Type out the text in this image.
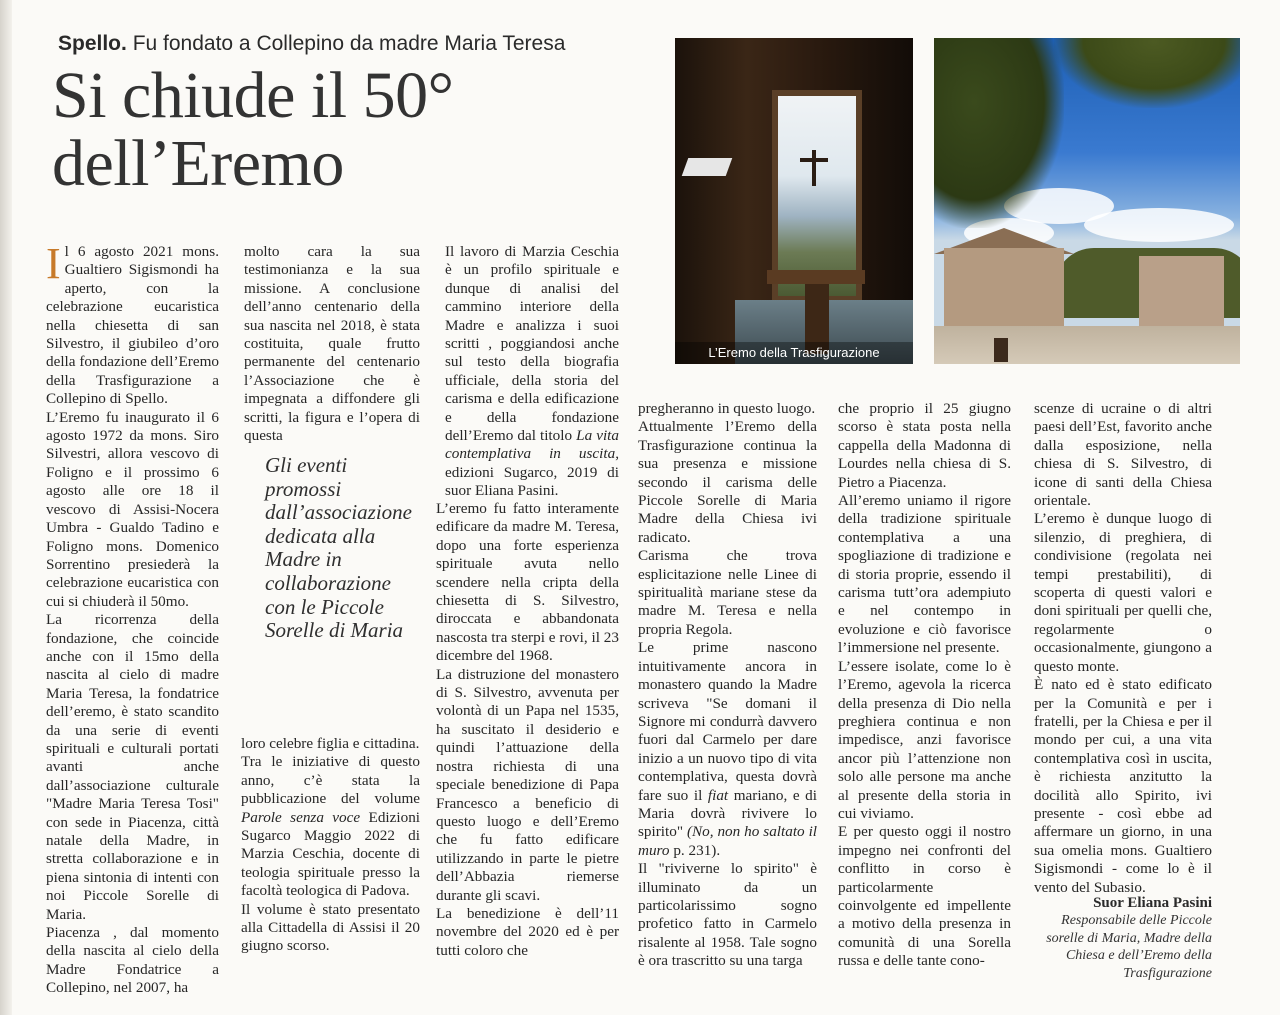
Spello. Fu fondato a Collepino da madre Maria Teresa
Si chiude il 50°
dell’Eremo
L’Eremo della Trasfigurazione

Il 6 agosto 2021 mons. Gualtiero Sigismondi ha aperto, con la celebrazione eucaristica nella chiesetta di san Silvestro, il giubileo d’oro della fondazione dell’Eremo della Trasfigurazione a Collepino di Spello.

L’Eremo fu inaugurato il 6 agosto 1972 da mons. Siro Silvestri, allora vescovo di Foligno e il prossimo 6 agosto alle ore 18 il vescovo di Assisi-Nocera Umbra - Gualdo Tadino e Foligno mons. Domenico Sorrentino presiederà la celebrazione eucaristica con cui si chiuderà il 50mo.

La ricorrenza della fondazione, che coincide anche con il 15mo della nascita al cielo di madre Maria Teresa, la fondatrice dell’eremo, è stato scandito da una serie di eventi spirituali e culturali portati avanti anche dall’associazione culturale "Madre Maria Teresa Tosi" con sede in Piacenza, città natale della Madre, in stretta collaborazione e in piena sintonia di intenti con noi Piccole Sorelle di Maria.

Piacenza , dal momento della nascita al cielo della Madre Fondatrice a Collepino, nel 2007, ha

molto cara la sua testimonianza e la sua missione. A conclusione dell’anno centenario della sua nascita nel 2018, è stata costituita, quale frutto permanente del centenario l’Associazione che è impegnata a diffondere gli scritti, la figura e l’opera di questa

Gli eventi promossi dall’associazione dedicata alla Madre in collaborazione con le Piccole Sorelle di Maria

loro celebre figlia e cittadina.

Tra le iniziative di questo anno, c’è stata la pubblicazione del volume Parole senza voce Edizioni Sugarco Maggio 2022 di Marzia Ceschia, docente di teologia spirituale presso la facoltà teologica di Padova.

Il volume è stato presentato alla Cittadella di Assisi il 20 giugno scorso.

Il lavoro di Marzia Ceschia è un profilo spirituale e dunque di analisi del cammino interiore della Madre e analizza i suoi scritti , poggiandosi anche sul testo della biografia ufficiale, della storia del carisma e della edificazione e della fondazione dell’Eremo dal titolo La vita contemplativa in uscita, edizioni Sugarco, 2019 di suor Eliana Pasini.

L’eremo fu fatto interamente edificare da madre M. Teresa, dopo una forte esperienza spirituale avuta nello scendere nella cripta della chiesetta di S. Silvestro, diroccata e abbandonata nascosta tra sterpi e rovi, il 23 dicembre del 1968.

La distruzione del monastero di S. Silvestro, avvenuta per volontà di un Papa nel 1535, ha suscitato il desiderio e quindi l’attuazione della nostra richiesta di una speciale benedizione di Papa Francesco a beneficio di questo luogo e dell’Eremo che fu fatto edificare utilizzando in parte le pietre dell’Abbazia riemerse durante gli scavi.

La benedizione è dell’11 novembre del 2020 ed è per tutti coloro che

pregheranno in questo luogo.

Attualmente l’Eremo della Trasfigurazione continua la sua presenza e missione secondo il carisma delle Piccole Sorelle di Maria Madre della Chiesa ivi radicato.

Carisma che trova esplicitazione nelle Linee di spiritualità mariane stese da madre M. Teresa e nella propria Regola.

Le prime nascono intuitivamente ancora in monastero quando la Madre scriveva "Se domani il Signore mi condurrà davvero fuori dal Carmelo per dare inizio a un nuovo tipo di vita contemplativa, questa dovrà fare suo il fiat mariano, e di Maria dovrà rivivere lo spirito" (No, non ho saltato il muro p. 231).

Il "riviverne lo spirito" è illuminato da un particolarissimo sogno profetico fatto in Carmelo risalente al 1958. Tale sogno è ora trascritto su una targa

che proprio il 25 giugno scorso è stata posta nella cappella della Madonna di Lourdes nella chiesa di S. Pietro a Piacenza.

All’eremo uniamo il rigore della tradizione spirituale contemplativa a una spogliazione di tradizione e di storia proprie, essendo il carisma tutt’ora adempiuto e nel contempo in evoluzione e ciò favorisce l’immersione nel presente.

L’essere isolate, come lo è l’Eremo, agevola la ricerca della presenza di Dio nella preghiera continua e non impedisce, anzi favorisce ancor più l’attenzione non solo alle persone ma anche al presente della storia in cui viviamo.

E per questo oggi il nostro impegno nei confronti del conflitto in corso è particolarmente coinvolgente ed impellente a motivo della presenza in comunità di una Sorella russa e delle tante cono-

scenze di ucraine o di altri paesi dell’Est, favorito anche dalla esposizione, nella chiesa di S. Silvestro, di icone di santi della Chiesa orientale.

L’eremo è dunque luogo di silenzio, di preghiera, di condivisione (regolata nei tempi prestabiliti), di scoperta di questi valori e doni spirituali per quelli che, regolarmente o occasionalmente, giungono a questo monte.

È nato ed è stato edificato per la Comunità e per i fratelli, per la Chiesa e per il mondo per cui, a una vita contemplativa così in uscita, è richiesta anzitutto la docilità allo Spirito, ivi presente - così ebbe ad affermare un giorno, in una sua omelia mons. Gualtiero Sigismondi - come lo è il vento del Subasio.

Suor Eliana Pasini
Responsabile delle Piccole sorelle di Maria, Madre della Chiesa e dell’Eremo della Trasfigurazione
